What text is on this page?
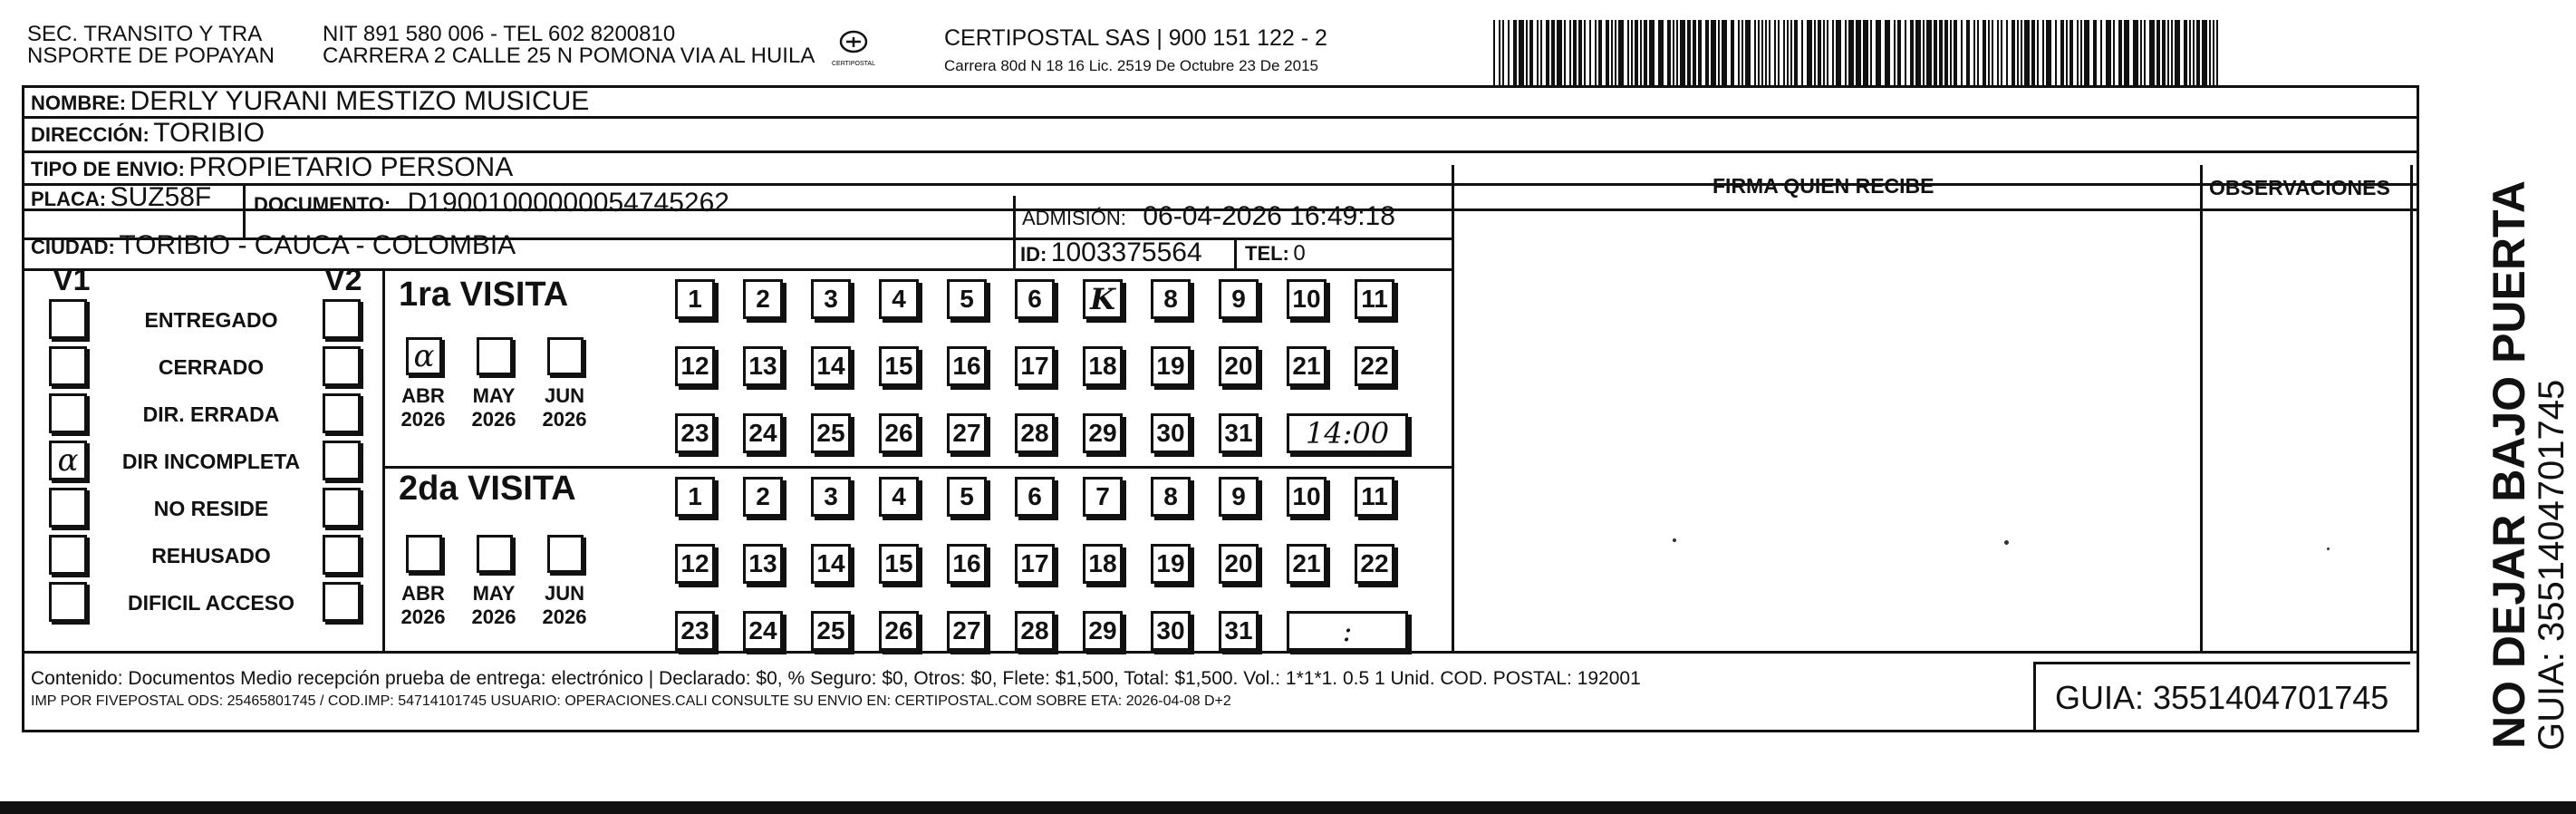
SEC. TRANSITO Y TRA
NSPORTE DE POPAYAN
NIT 891 580 006 - TEL 602 8200810
CARRERA 2 CALLE 25 N POMONA VIA AL HUILA	CERTIPOSTAL
CERTIPOSTAL SAS | 900 151 122 - 2
Carrera 80d N 18 16 Lic. 2519 De Octubre 23 De 2015
NOMBRE: DERLY YURANI MESTIZO MUSICUE
DIRECCIÓN: TORIBIO
TIPO DE ENVIO: PROPIETARIO PERSONA
PLACA: SUZ58F DOCUMENTO: D19001000000054745262
ADMISIÓN: 06-04-2026 16:49:18
CIUDAD: TORIBIO - CAUCA - COLOMBIA	ID: 1003375564 TEL: 0
FIRMA QUIEN RECIBE	OBSERVACIONES
V1	V2
ENTREGADO
CERRADO
DIR. ERRADA
α	DIR INCOMPLETA
NO RESIDE
REHUSADO
DIFICIL ACCESO
1ra VISITA
2da VISITA
α
ABR
2026
MAY
2026
JUN
2026
1 2 3 4 5 6 K 8 9 10 11
12 13 14 15 16 17 18 19 20 21 22
23 24 25 26 27 28 29 30 31	14:00
ABR
2026
MAY
2026
JUN
2026
1 2 3 4 5 6 7 8 9 10 11
12 13 14 15 16 17 18 19 20 21 22
23 24 25 26 27 28 29 30 31	:
Contenido: Documentos Medio recepción prueba de entrega: electrónico | Declarado: $0, % Seguro: $0, Otros: $0, Flete: $1,500, Total: $1,500. Vol.: 1*1*1. 0.5 1 Unid. COD. POSTAL: 192001
IMP POR FIVEPOSTAL ODS: 25465801745 / COD.IMP: 54714101745 USUARIO: OPERACIONES.CALI CONSULTE SU ENVIO EN: CERTIPOSTAL.COM SOBRE ETA: 2026-04-08 D+2	GUIA: 3551404701745 NO DEJAR BAJO PUERTA
GUIA: 3551404701745
